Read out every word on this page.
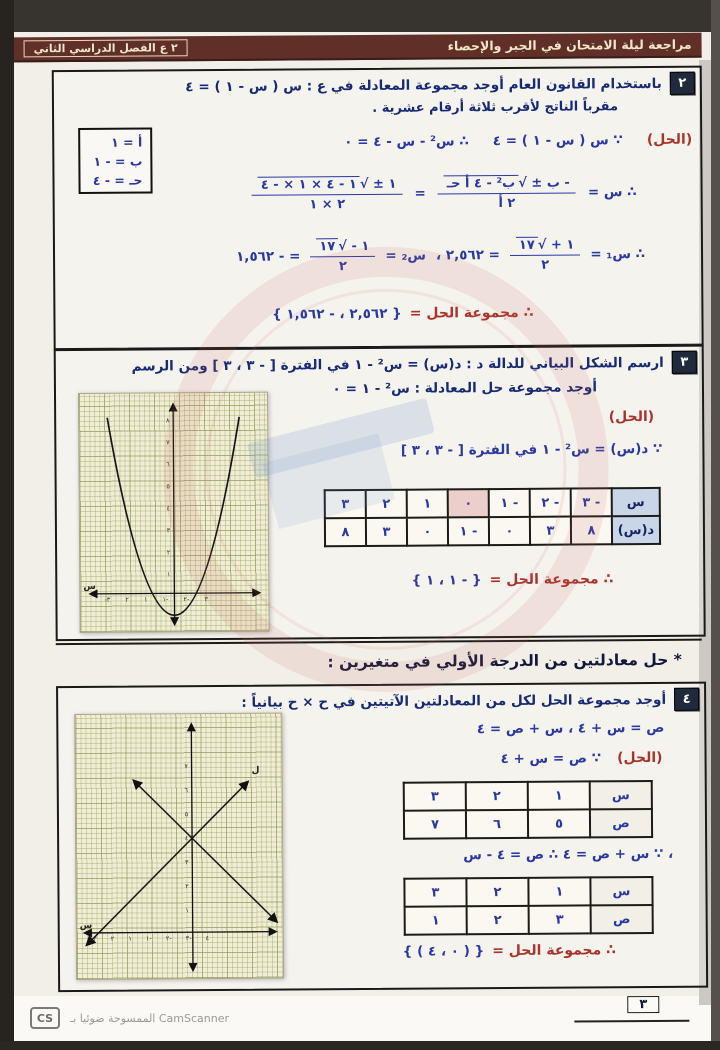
CS	الممسوحة ضوئيا بـ CamScanner
٢ ع الفصل الدراسي الثاني	مراجعة ليلة الامتحان في الجبر والإحصاء
٢
باستخدام القانون العام أوجد مجموعة المعادلة في ع : س ( س - ١ ) = ٤
مقرباً الناتج لأقرب ثلاثة أرقام عشرية .
أ = ١
ب = - ١
حـ = - ٤
(الحل)
∵ س ( س - ١ ) = ٤
∴ س² - س - ٤ = ٠
∴ س =
$\frac{\text{- ب ± √ب² - ٤ أ حـ}}{\text{٢ أ}}$
=
$\frac{١ \pm √١ - ٤ \times ١ \times - ٤}{٢ \times ١}$
∴ س₁ =
$\frac{١ + √١٧}{٢}$
= ٢,٥٦٢ ،
س₂ =
$\frac{١ - √١٧}{٢}$
= - ١,٥٦٢
∴ مجموعة الحل =
{ ٢,٥٦٢ ، - ١,٥٦٢ }
٣
ارسم الشكل البياني للدالة د : د(س) = س² - ١ في الفترة [ - ٣ ، ٣ ] ومن الرسم
أوجد مجموعة حل المعادلة : س² - ١ = ٠
(الحل)
∵ د(س) = س² - ١ في الفترة [ - ٣ ، ٣ ]
٨ ٧ ٦ ٥ ٤ ٣ ٢ ١
-٣ -٢ -١ ١ ٢ ٣
س
س	- ٣	- ٢	- ١	٠	١	٢	٣
د(س)	٨	٣	٠	- ١	٠	٣	٨
∴ مجموعة الحل =
{ - ١ ، ١ }
* حل معادلتين من الدرجة الأولي في متغيرين :
٤
أوجد مجموعة الحل لكل من المعادلتين الآتيتين في ح × ح بيانياً :
ص = س + ٤ ، س + ص = ٤
(الحل)
∵ ص = س + ٤
س	١	٢	٣
ص	٥	٦	٧
، ∵ س + ص = ٤ ∴ ص = ٤ - س
س	١	٢	٣
ص	٣	٢	١
∴ مجموعة الحل =
{ ( ٠ ، ٤ ) }
٧ ٦ ٥ ٤ ٣ ٢ ١
-٤ -٣ -٢ -١ ١ ٢ ٣
س
ل
٣
